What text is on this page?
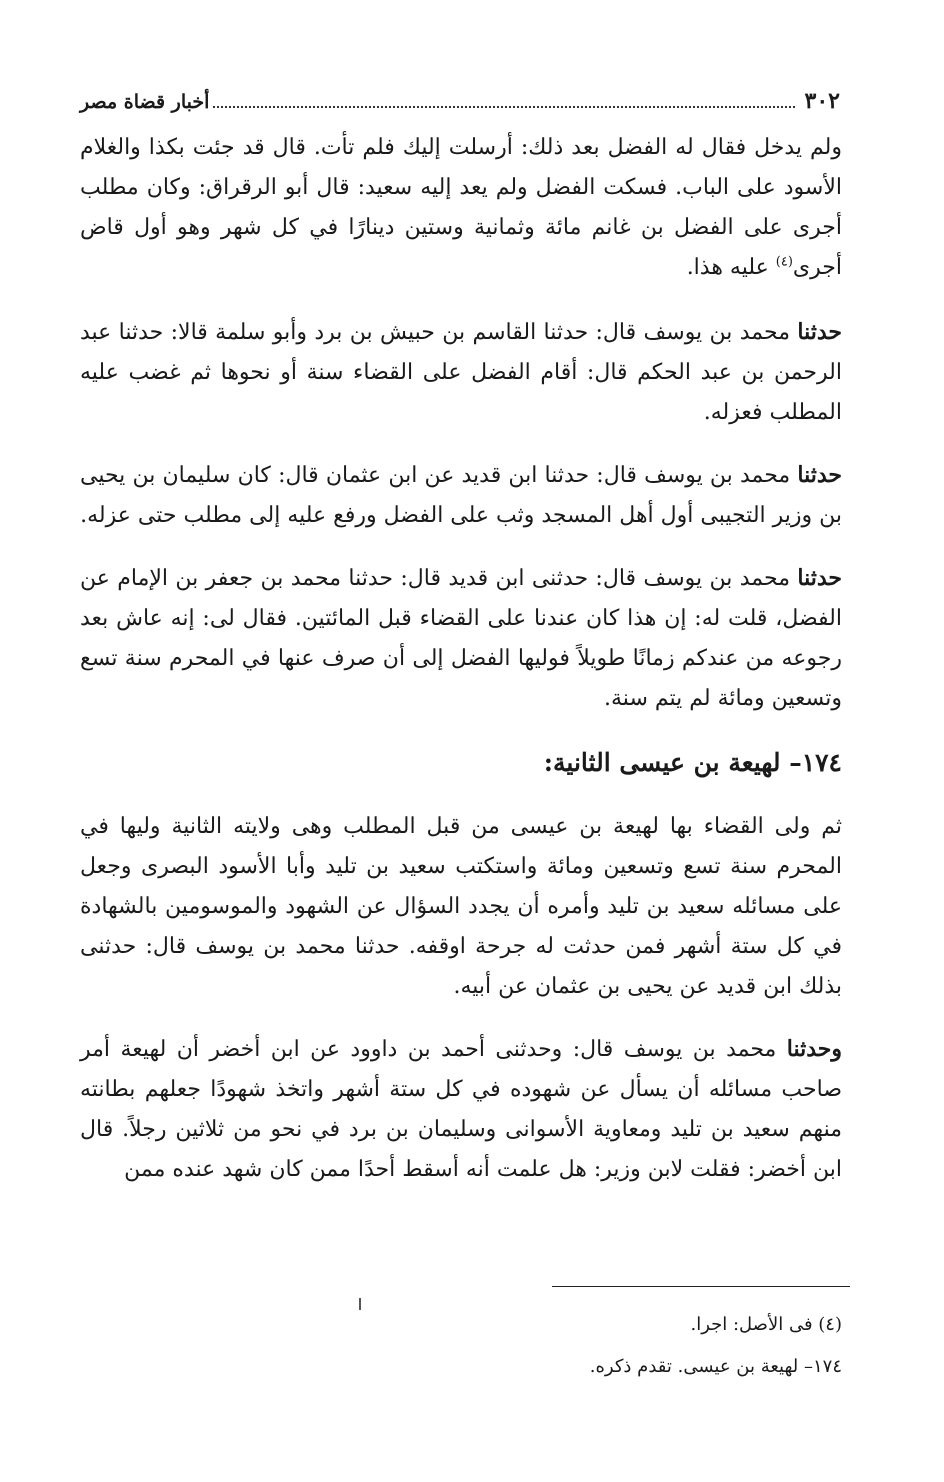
٣٠٢
أخبار قضاة مصر

ولم يدخل فقال له الفضل بعد ذلك: أرسلت إليك فلم تأت. قال قد جئت بكذا والغلام الأسود على الباب. فسكت الفضل ولم يعد إليه سعيد: قال أبو الرقراق: وكان مطلب أجرى على الفضل بن غانم مائة وثمانية وستين دينارًا في كل شهر وهو أول قاض أجرى$^{(٤)}$ عليه هذا.

حدثنا محمد بن يوسف قال: حدثنا القاسم بن حبيش بن برد وأبو سلمة قالا: حدثنا عبد الرحمن بن عبد الحكم قال: أقام الفضل على القضاء سنة أو نحوها ثم غضب عليه المطلب فعزله.

حدثنا محمد بن يوسف قال: حدثنا ابن قديد عن ابن عثمان قال: كان سليمان بن يحيى بن وزير التجيبى أول أهل المسجد وثب على الفضل ورفع عليه إلى مطلب حتى عزله.

حدثنا محمد بن يوسف قال: حدثنى ابن قديد قال: حدثنا محمد بن جعفر بن الإمام عن الفضل، قلت له: إن هذا كان عندنا على القضاء قبل المائتين. فقال لى: إنه عاش بعد رجوعه من عندكم زمانًا طويلاً فوليها الفضل إلى أن صرف عنها في المحرم سنة تسع وتسعين ومائة لم يتم سنة.

١٧٤– لهيعة بن عيسى الثانية:

ثم ولى القضاء بها لهيعة بن عيسى من قبل المطلب وهى ولايته الثانية وليها في المحرم سنة تسع وتسعين ومائة واستكتب سعيد بن تليد وأبا الأسود البصرى وجعل على مسائله سعيد بن تليد وأمره أن يجدد السؤال عن الشهود والموسومين بالشهادة في كل ستة أشهر فمن حدثت له جرحة اوقفه. حدثنا محمد بن يوسف قال: حدثنى بذلك ابن قديد عن يحيى بن عثمان عن أبيه.

وحدثنا محمد بن يوسف قال: وحدثنى أحمد بن داوود عن ابن أخضر أن لهيعة أمر صاحب مسائله أن يسأل عن شهوده في كل ستة أشهر واتخذ شهودًا جعلهم بطانته منهم سعيد بن تليد ومعاوية الأسوانى وسليمان بن برد في نحو من ثلاثين رجلاً. قال ابن أخضر: فقلت لابن وزير: هل علمت أنه أسقط أحدًا ممن كان شهد عنده ممن

(٤) فى الأصل: اجرا.
١٧٤– لهيعة بن عيسى. تقدم ذكره.
